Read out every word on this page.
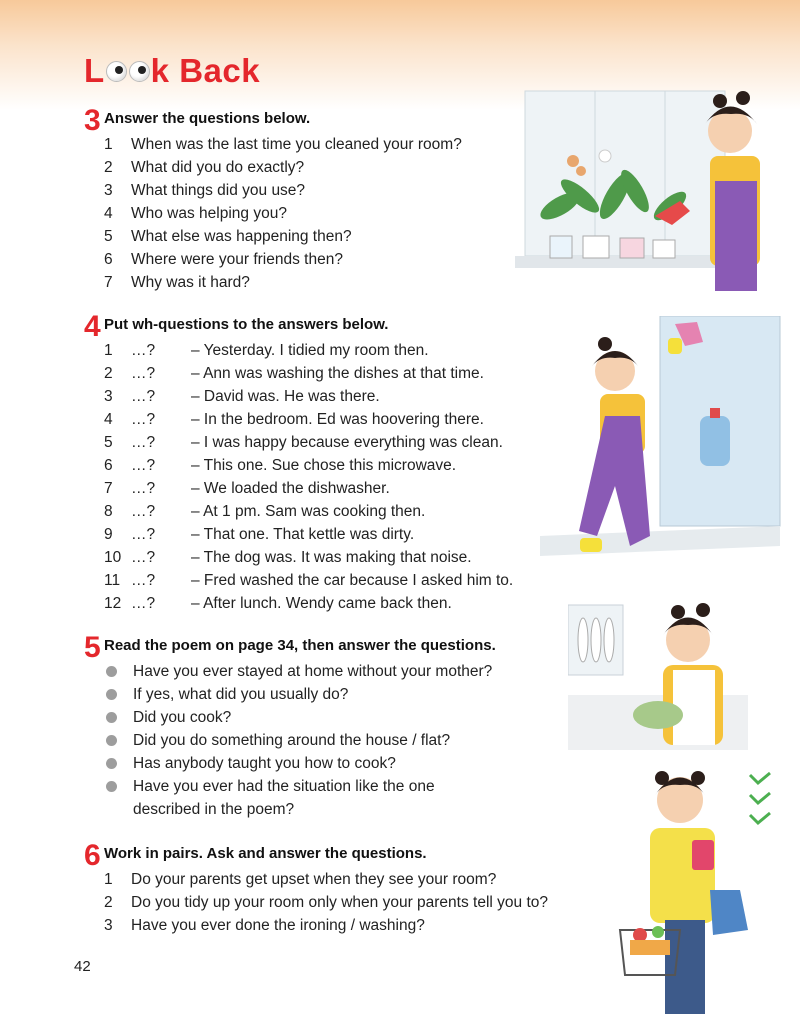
L k Back
3 Answer the questions below.
1	When was the last time you cleaned your room?
2	What did you do exactly?
3	What things did you use?
4	Who was helping you?
5	What else was happening then?
6	Where were your friends then?
7	Why was it hard?
4 Put wh-questions to the answers below.
1	…?	– Yesterday. I tidied my room then.
2	…?	– Ann was washing the dishes at that time.
3	…?	– David was. He was there.
4	…?	– In the bedroom. Ed was hoovering there.
5	…?	– I was happy because everything was clean.
6	…?	– This one. Sue chose this microwave.
7	…?	– We loaded the dishwasher.
8	…?	– At 1 pm. Sam was cooking then.
9	…?	– That one. That kettle was dirty.
10 …?	– The dog was. It was making that noise.
11 …?	– Fred washed the car because I asked him to.
12 …?	– After lunch. Wendy came back then.
5 Read the poem on page 34, then answer the questions.
Have you ever stayed at home without your mother?
If yes, what did you usually do?
Did you cook?
Did you do something around the house / flat?
Has anybody taught you how to cook?
Have you ever had the situation like the one described in the poem?
6 Work in pairs. Ask and answer the questions.
1	Do your parents get upset when they see your room?
2	Do you tidy up your room only when your parents tell you to?
3	Have you ever done the ironing / washing?
42
